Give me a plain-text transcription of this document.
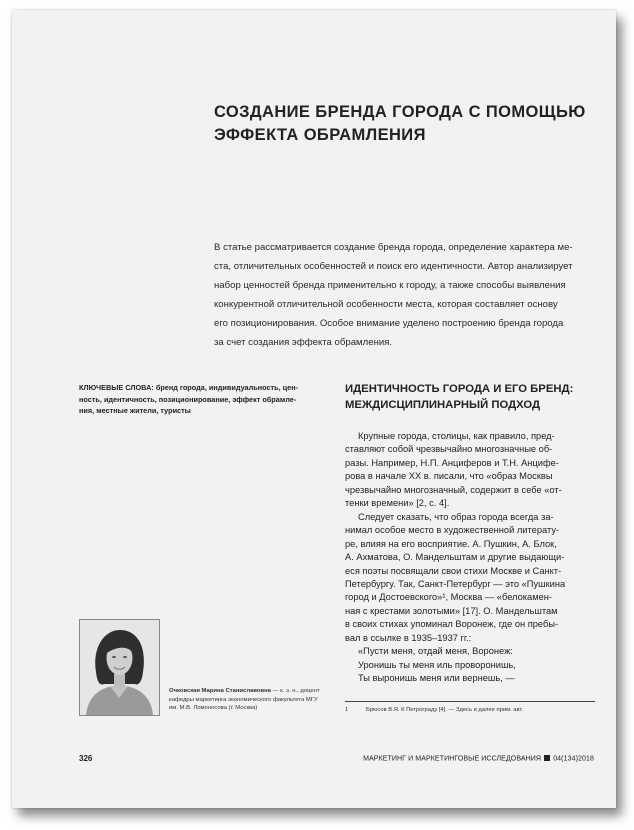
СОЗДАНИЕ БРЕНДА ГОРОДА С ПОМОЩЬЮ
ЭФФЕКТА ОБРАМЛЕНИЯ
В статье рассматривается создание бренда города, определение характера ме-
ста, отличительных особенностей и поиск его идентичности. Автор анализирует
набор ценностей бренда применительно к городу, а также способы выявления
конкурентной отличительной особенности места, которая составляет основу
его позиционирования. Особое внимание уделено построению бренда города
за счет создания эффекта обрамления.
КЛЮЧЕВЫЕ СЛОВА: бренд города, индивидуальность, цен-
ность, идентичность, позиционирование, эффект обрамле-
ния, местные жители, туристы
ИДЕНТИЧНОСТЬ ГОРОДА И ЕГО БРЕНД:
МЕЖДИСЦИПЛИНАРНЫЙ ПОДХОД
Крупные города, столицы, как правило, пред-
ставляют собой чрезвычайно многозначные об-
разы. Например, Н.П. Анциферов и Т.Н. Анцифе-
рова в начале XX в. писали, что «образ Москвы
чрезвычайно многозначный, содержит в себе «от-
тенки времени» [2, с. 4].
Следует сказать, что образ города всегда за-
нимал особое место в художественной литерату-
ре, влияя на его восприятие. А. Пушкин, А. Блок,
А. Ахматова, О. Мандельштам и другие выдающи-
еся поэты посвящали свои стихи Москве и Санкт-
Петербургу. Так, Санкт-Петербург — это «Пушкина
город и Достоевского»¹, Москва — «белокамен-
ная с крестами золотыми» [17]. О. Мандельштам
в своих стихах упоминал Воронеж, где он пребы-
вал в ссылке в 1935–1937 гг.:
«Пусти меня, отдай меня, Воронеж:
Уронишь ты меня иль проворонишь,
Ты выронишь меня или вернешь, —
1	Брюсов В.Я. К Петрограду [4]. — Здесь и далее прим. авт.
Очковская Марина Станиславовна — к. э. н., доцент
кафедры маркетинга экономического факультета МГУ
им. М.В. Ломоносова (г. Москва)
326	МАРКЕТИНГ И МАРКЕТИНГОВЫЕ ИССЛЕДОВАНИЯ 04(134)2018
